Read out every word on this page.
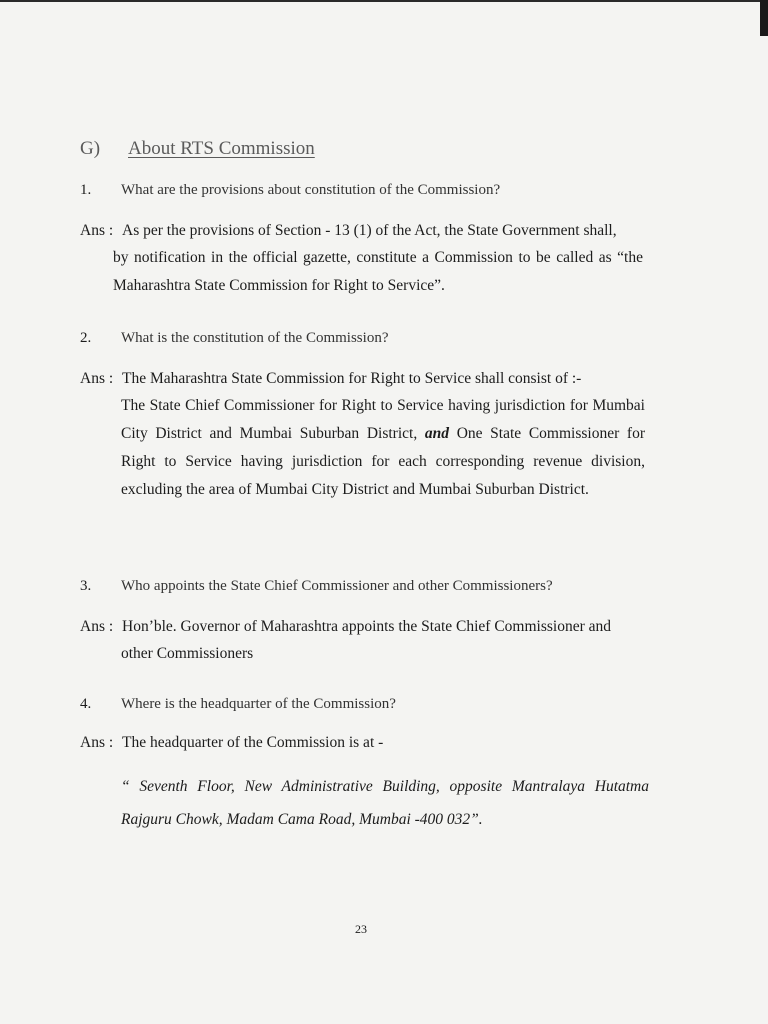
G) About RTS Commission
1. What are the provisions about constitution of the Commission?
Ans : As per the provisions of Section - 13 (1) of the Act, the State Government shall,
by notification in the official gazette, constitute a Commission to be called as “the Maharashtra State Commission for Right to Service”.
2. What is the constitution of the Commission?
Ans : The Maharashtra State Commission for Right to Service shall consist of :-
The State Chief Commissioner for Right to Service having jurisdiction for Mumbai City District and Mumbai Suburban District, and One State Commissioner for Right to Service having jurisdiction for each corresponding revenue division, excluding the area of Mumbai City District and Mumbai Suburban District.
3. Who appoints the State Chief Commissioner and other Commissioners?
Ans : Hon’ble. Governor of Maharashtra appoints the State Chief Commissioner and
other Commissioners
4. Where is the headquarter of the Commission?
Ans : The headquarter of the Commission is at -
“ Seventh Floor, New Administrative Building, opposite Mantralaya Hutatma Rajguru Chowk, Madam Cama Road, Mumbai -400 032”.
23
